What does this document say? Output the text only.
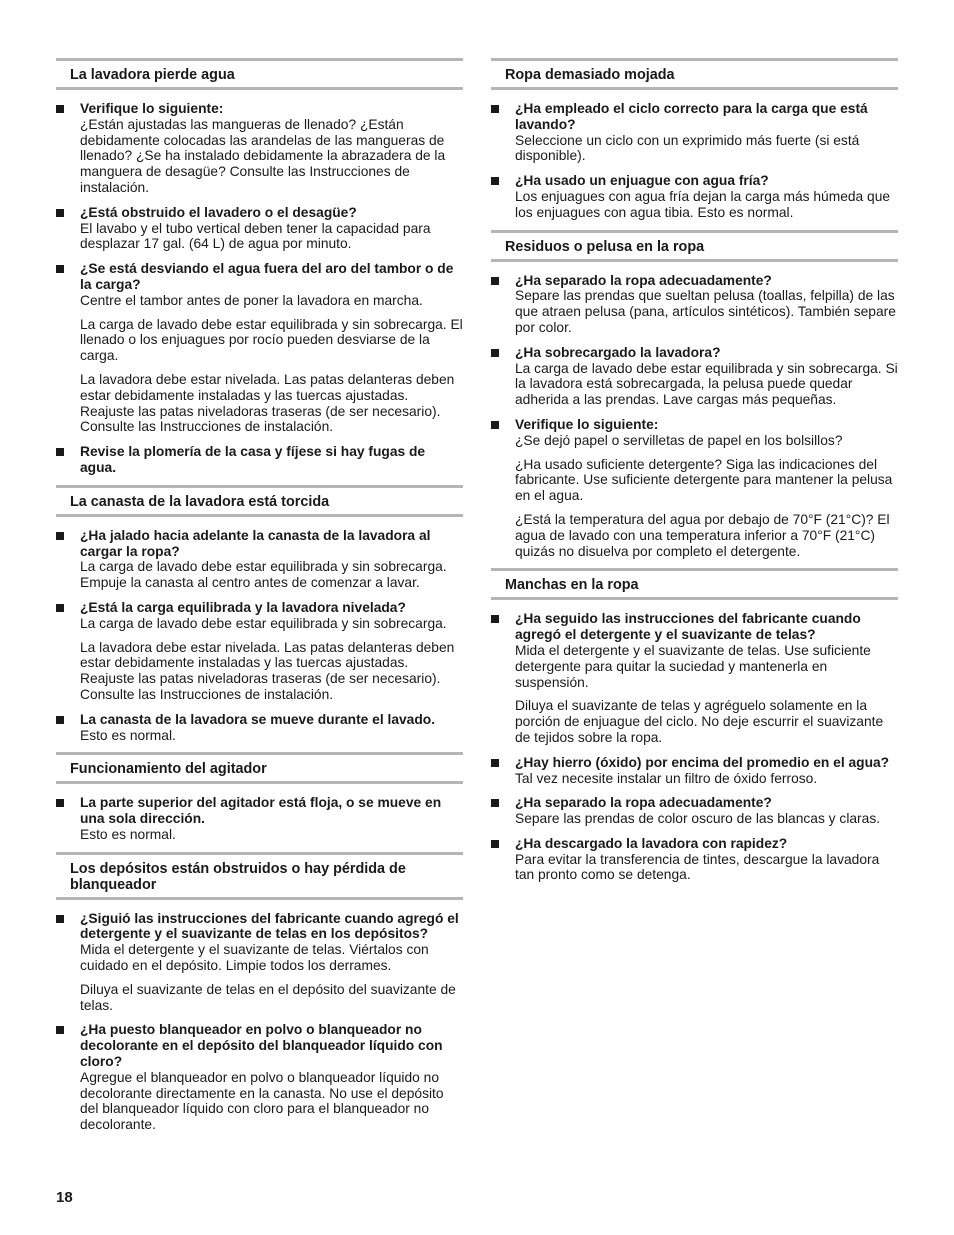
La lavadora pierde agua
Verifique lo siguiente:
¿Están ajustadas las mangueras de llenado? ¿Están debidamente colocadas las arandelas de las mangueras de llenado? ¿Se ha instalado debidamente la abrazadera de la manguera de desagüe? Consulte las Instrucciones de instalación.
¿Está obstruido el lavadero o el desagüe?
El lavabo y el tubo vertical deben tener la capacidad para desplazar 17 gal. (64 L) de agua por minuto.
¿Se está desviando el agua fuera del aro del tambor o de la carga?
Centre el tambor antes de poner la lavadora en marcha.
La carga de lavado debe estar equilibrada y sin sobrecarga. El llenado o los enjuagues por rocío pueden desviarse de la carga.
La lavadora debe estar nivelada. Las patas delanteras deben estar debidamente instaladas y las tuercas ajustadas. Reajuste las patas niveladoras traseras (de ser necesario). Consulte las Instrucciones de instalación.
Revise la plomería de la casa y fíjese si hay fugas de agua.
La canasta de la lavadora está torcida
¿Ha jalado hacia adelante la canasta de la lavadora al cargar la ropa?
La carga de lavado debe estar equilibrada y sin sobrecarga. Empuje la canasta al centro antes de comenzar a lavar.
¿Está la carga equilibrada y la lavadora nivelada?
La carga de lavado debe estar equilibrada y sin sobrecarga.
La lavadora debe estar nivelada. Las patas delanteras deben estar debidamente instaladas y las tuercas ajustadas. Reajuste las patas niveladoras traseras (de ser necesario). Consulte las Instrucciones de instalación.
La canasta de la lavadora se mueve durante el lavado.
Esto es normal.
Funcionamiento del agitador
La parte superior del agitador está floja, o se mueve en una sola dirección.
Esto es normal.
Los depósitos están obstruidos o hay pérdida de blanqueador
¿Siguió las instrucciones del fabricante cuando agregó el detergente y el suavizante de telas en los depósitos?
Mida el detergente y el suavizante de telas. Viértalos con cuidado en el depósito. Limpie todos los derrames.
Diluya el suavizante de telas en el depósito del suavizante de telas.
¿Ha puesto blanqueador en polvo o blanqueador no decolorante en el depósito del blanqueador líquido con cloro?
Agregue el blanqueador en polvo o blanqueador líquido no decolorante directamente en la canasta. No use el depósito del blanqueador líquido con cloro para el blanqueador no decolorante.
Ropa demasiado mojada
¿Ha empleado el ciclo correcto para la carga que está lavando?
Seleccione un ciclo con un exprimido más fuerte (si está disponible).
¿Ha usado un enjuague con agua fría?
Los enjuagues con agua fría dejan la carga más húmeda que los enjuagues con agua tibia. Esto es normal.
Residuos o pelusa en la ropa
¿Ha separado la ropa adecuadamente?
Separe las prendas que sueltan pelusa (toallas, felpilla) de las que atraen pelusa (pana, artículos sintéticos). También separe por color.
¿Ha sobrecargado la lavadora?
La carga de lavado debe estar equilibrada y sin sobrecarga. Si la lavadora está sobrecargada, la pelusa puede quedar adherida a las prendas. Lave cargas más pequeñas.
Verifique lo siguiente:
¿Se dejó papel o servilletas de papel en los bolsillos?
¿Ha usado suficiente detergente? Siga las indicaciones del fabricante. Use suficiente detergente para mantener la pelusa en el agua.
¿Está la temperatura del agua por debajo de 70°F (21°C)? El agua de lavado con una temperatura inferior a 70°F (21°C) quizás no disuelva por completo el detergente.
Manchas en la ropa
¿Ha seguido las instrucciones del fabricante cuando agregó el detergente y el suavizante de telas?
Mida el detergente y el suavizante de telas. Use suficiente detergente para quitar la suciedad y mantenerla en suspensión.
Diluya el suavizante de telas y agréguelo solamente en la porción de enjuague del ciclo. No deje escurrir el suavizante de tejidos sobre la ropa.
¿Hay hierro (óxido) por encima del promedio en el agua?
Tal vez necesite instalar un filtro de óxido ferroso.
¿Ha separado la ropa adecuadamente?
Separe las prendas de color oscuro de las blancas y claras.
¿Ha descargado la lavadora con rapidez?
Para evitar la transferencia de tintes, descargue la lavadora tan pronto como se detenga.
18
